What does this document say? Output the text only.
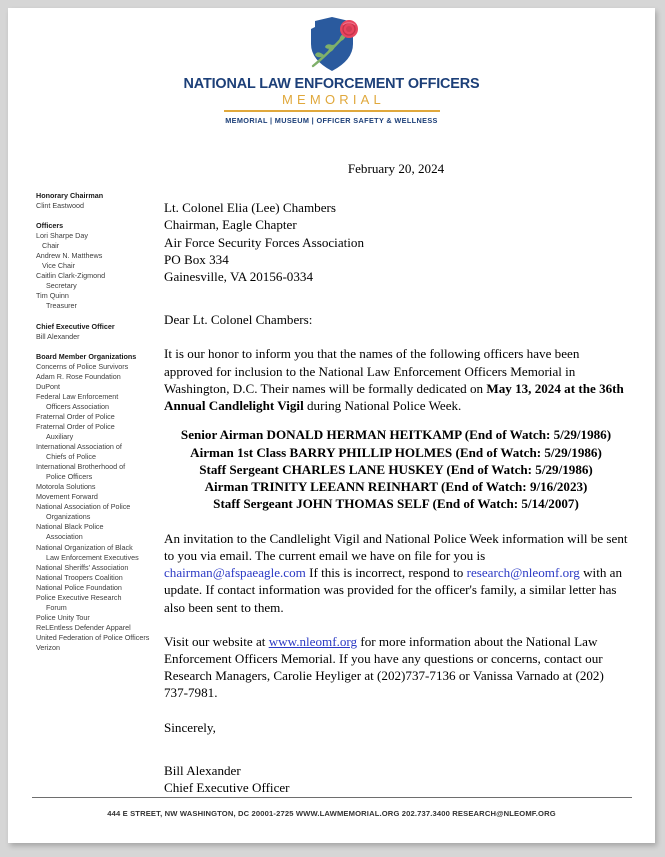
NATIONAL LAW ENFORCEMENT OFFICERS
MEMORIAL
MEMORIAL | MUSEUM | OFFICER SAFETY & WELLNESS
Honorary Chairman
Clint Eastwood
Officers
Lori Sharpe Day
Chair
Andrew N. Matthews
Vice Chair
Caitlin Clark-Zigmond
Secretary
Tim Quinn
Treasurer
Chief Executive Officer
Bill Alexander
Board Member Organizations
Concerns of Police Survivors
Adam R. Rose Foundation
DuPont
Federal Law Enforcement
Officers Association
Fraternal Order of Police
Fraternal Order of Police
Auxiliary
International Association of
Chiefs of Police
International Brotherhood of
Police Officers
Motorola Solutions
Movement Forward
National Association of Police
Organizations
National Black Police
Association
National Organization of Black
Law Enforcement Executives
National Sheriffs' Association
National Troopers Coalition
National Police Foundation
Police Executive Research
Forum
Police Unity Tour
ReLEntless Defender Apparel
United Federation of Police Officers
Verizon
February 20, 2024
Lt. Colonel Elia (Lee) Chambers
Chairman, Eagle Chapter
Air Force Security Forces Association
PO Box 334
Gainesville, VA 20156-0334

Dear Lt. Colonel Chambers:

It is our honor to inform you that the names of the following officers have been approved for inclusion to the National Law Enforcement Officers Memorial in Washington, D.C. Their names will be formally dedicated on May 13, 2024 at the 36th Annual Candlelight Vigil during National Police Week.

Senior Airman DONALD HERMAN HEITKAMP (End of Watch: 5/29/1986)
Airman 1st Class BARRY PHILLIP HOLMES (End of Watch: 5/29/1986)
Staff Sergeant CHARLES LANE HUSKEY (End of Watch: 5/29/1986)
Airman TRINITY LEEANN REINHART (End of Watch: 9/16/2023)
Staff Sergeant JOHN THOMAS SELF (End of Watch: 5/14/2007)

An invitation to the Candlelight Vigil and National Police Week information will be sent to you via email. The current email we have on file for you is chairman@afspaeagle.com If this is incorrect, respond to research@nleomf.org with an update. If contact information was provided for the officer's family, a similar letter has also been sent to them.

Visit our website at www.nleomf.org for more information about the National Law Enforcement Officers Memorial. If you have any questions or concerns, contact our Research Managers, Carolie Heyliger at (202)737-7136 or Vanissa Varnado at (202) 737-7981.

Sincerely,

Bill Alexander

Chief Executive Officer

444 E STREET, NW WASHINGTON, DC 20001-2725 WWW.LAWMEMORIAL.ORG 202.737.3400 RESEARCH@NLEOMF.ORG
